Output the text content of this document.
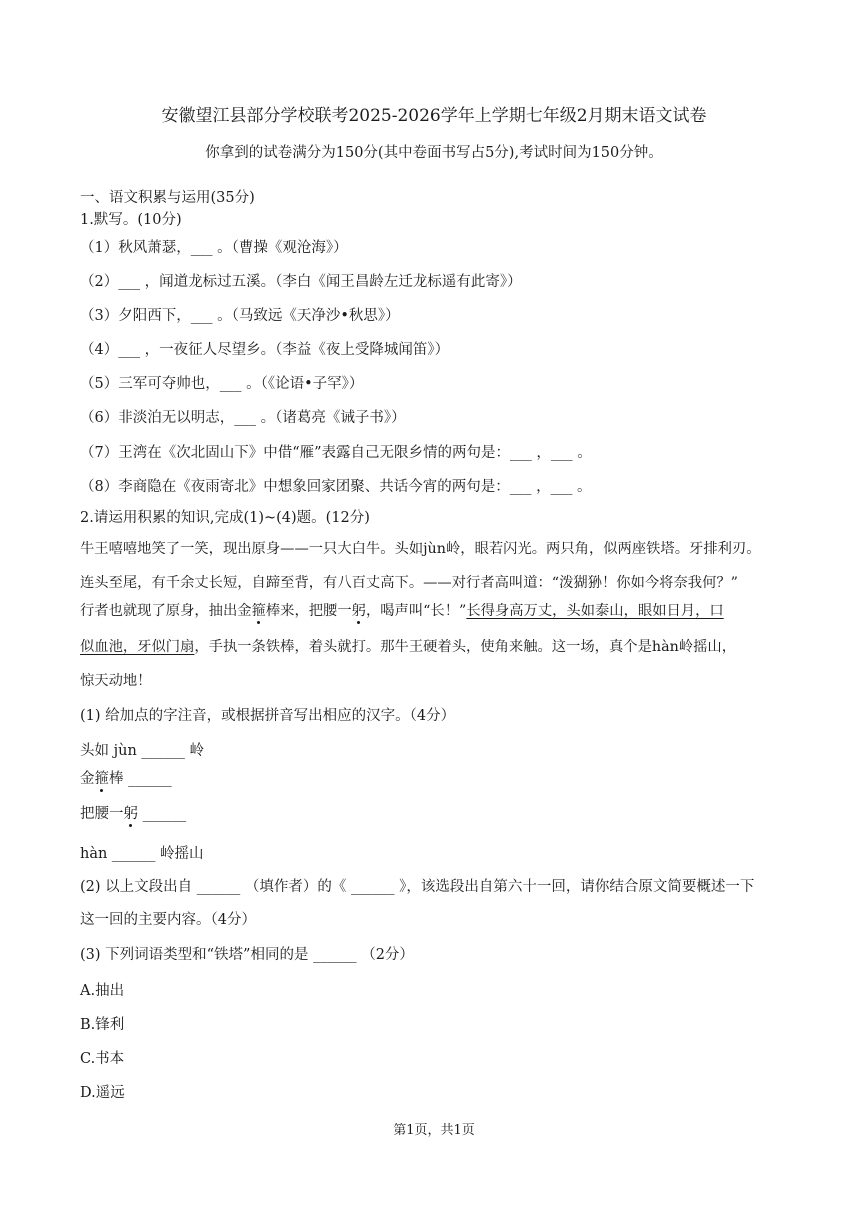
安徽望江县部分学校联考2025-2026学年上学期七年级2月期末语文试卷
你拿到的试卷满分为150分(其中卷面书写占5分),考试时间为150分钟。
一、语文积累与运用(35分)
1.默写。(10分)
（1）秋风萧瑟，___ 。（曹操《观沧海》）
（2）___ ，闻道龙标过五溪。（李白《闻王昌龄左迁龙标遥有此寄》）
（3）夕阳西下，___ 。（马致远《天净沙•秋思》）
（4）___ ，一夜征人尽望乡。（李益《夜上受降城闻笛》）
（5）三军可夺帅也，___ 。（《论语•子罕》）
（6）非淡泊无以明志，___ 。（诸葛亮《诫子书》）
（7）王湾在《次北固山下》中借“雁”表露自己无限乡情的两句是：___ ，___ 。
（8）李商隐在《夜雨寄北》中想象回家团聚、共话今宵的两句是：___ ，___ 。
2.请运用积累的知识,完成(1)~(4)题。(12分)
牛王嘻嘻地笑了一笑，现出原身——一只大白牛。头如jùn岭，眼若闪光。两只角，似两座铁塔。牙排利刃。
连头至尾，有千余丈长短，自蹄至背，有八百丈高下。——对行者高叫道：“泼猢狲！你如今将奈我何？”
行者也就现了原身，抽出金箍棒来，把腰一躬，喝声叫“长！”长得身高万丈，头如泰山，眼如日月，口
似血池，牙似门扇，手执一条铁棒，着头就打。那牛王硬着头，使角来触。这一场，真个是hàn岭摇山，
惊天动地！
(1) 给加点的字注音，或根据拼音写出相应的汉字。（4分）
头如 jùn ______ 岭
金箍棒 ______
把腰一躬 ______
hàn ______ 岭摇山
(2) 以上文段出自 ______ （填作者）的《 ______ 》，该选段出自第六十一回，请你结合原文简要概述一下
这一回的主要内容。（4分）
(3) 下列词语类型和“铁塔”相同的是 ______ （2分）
A.抽出
B.锋利
C.书本
D.遥远
第1页，共1页
